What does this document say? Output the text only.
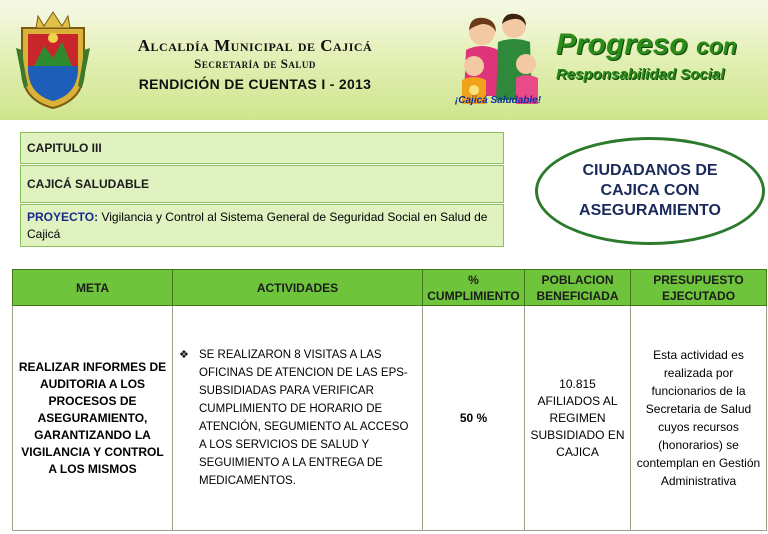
Alcaldía Municipal de Cajicá
Secretaría de Salud
RENDICIÓN DE CUENTAS I - 2013
Progreso con
Responsabilidad Social
¡Cajicá Saludable!
CAPITULO III
CAJICÁ SALUDABLE
PROYECTO: Vigilancia y Control al Sistema General de Seguridad Social en Salud de Cajicá

CIUDADANOS DE CAJICA CON ASEGURAMIENTO

META	ACTIVIDADES	% CUMPLIMIENTO	POBLACION BENEFICIADA	PRESUPUESTO EJECUTADO
REALIZAR INFORMES DE AUDITORIA A LOS PROCESOS DE ASEGURAMIENTO, GARANTIZANDO LA VIGILANCIA Y CONTROL A LOS MISMOS	❖ SE REALIZARON 8 VISITAS A LAS OFICINAS DE ATENCION DE LAS EPS- SUBSIDIADAS PARA VERIFICAR CUMPLIMIENTO DE HORARIO DE ATENCIÓN, SEGUMIENTO AL ACCESO A LOS SERVICIOS DE SALUD Y SEGUIMIENTO A LA ENTREGA DE MEDICAMENTOS.	50 %	10.815 AFILIADOS AL REGIMEN SUBSIDIADO EN CAJICA	Esta actividad es realizada por funcionarios de la Secretaria de Salud cuyos recursos (honorarios) se contemplan en Gestión Administrativa
